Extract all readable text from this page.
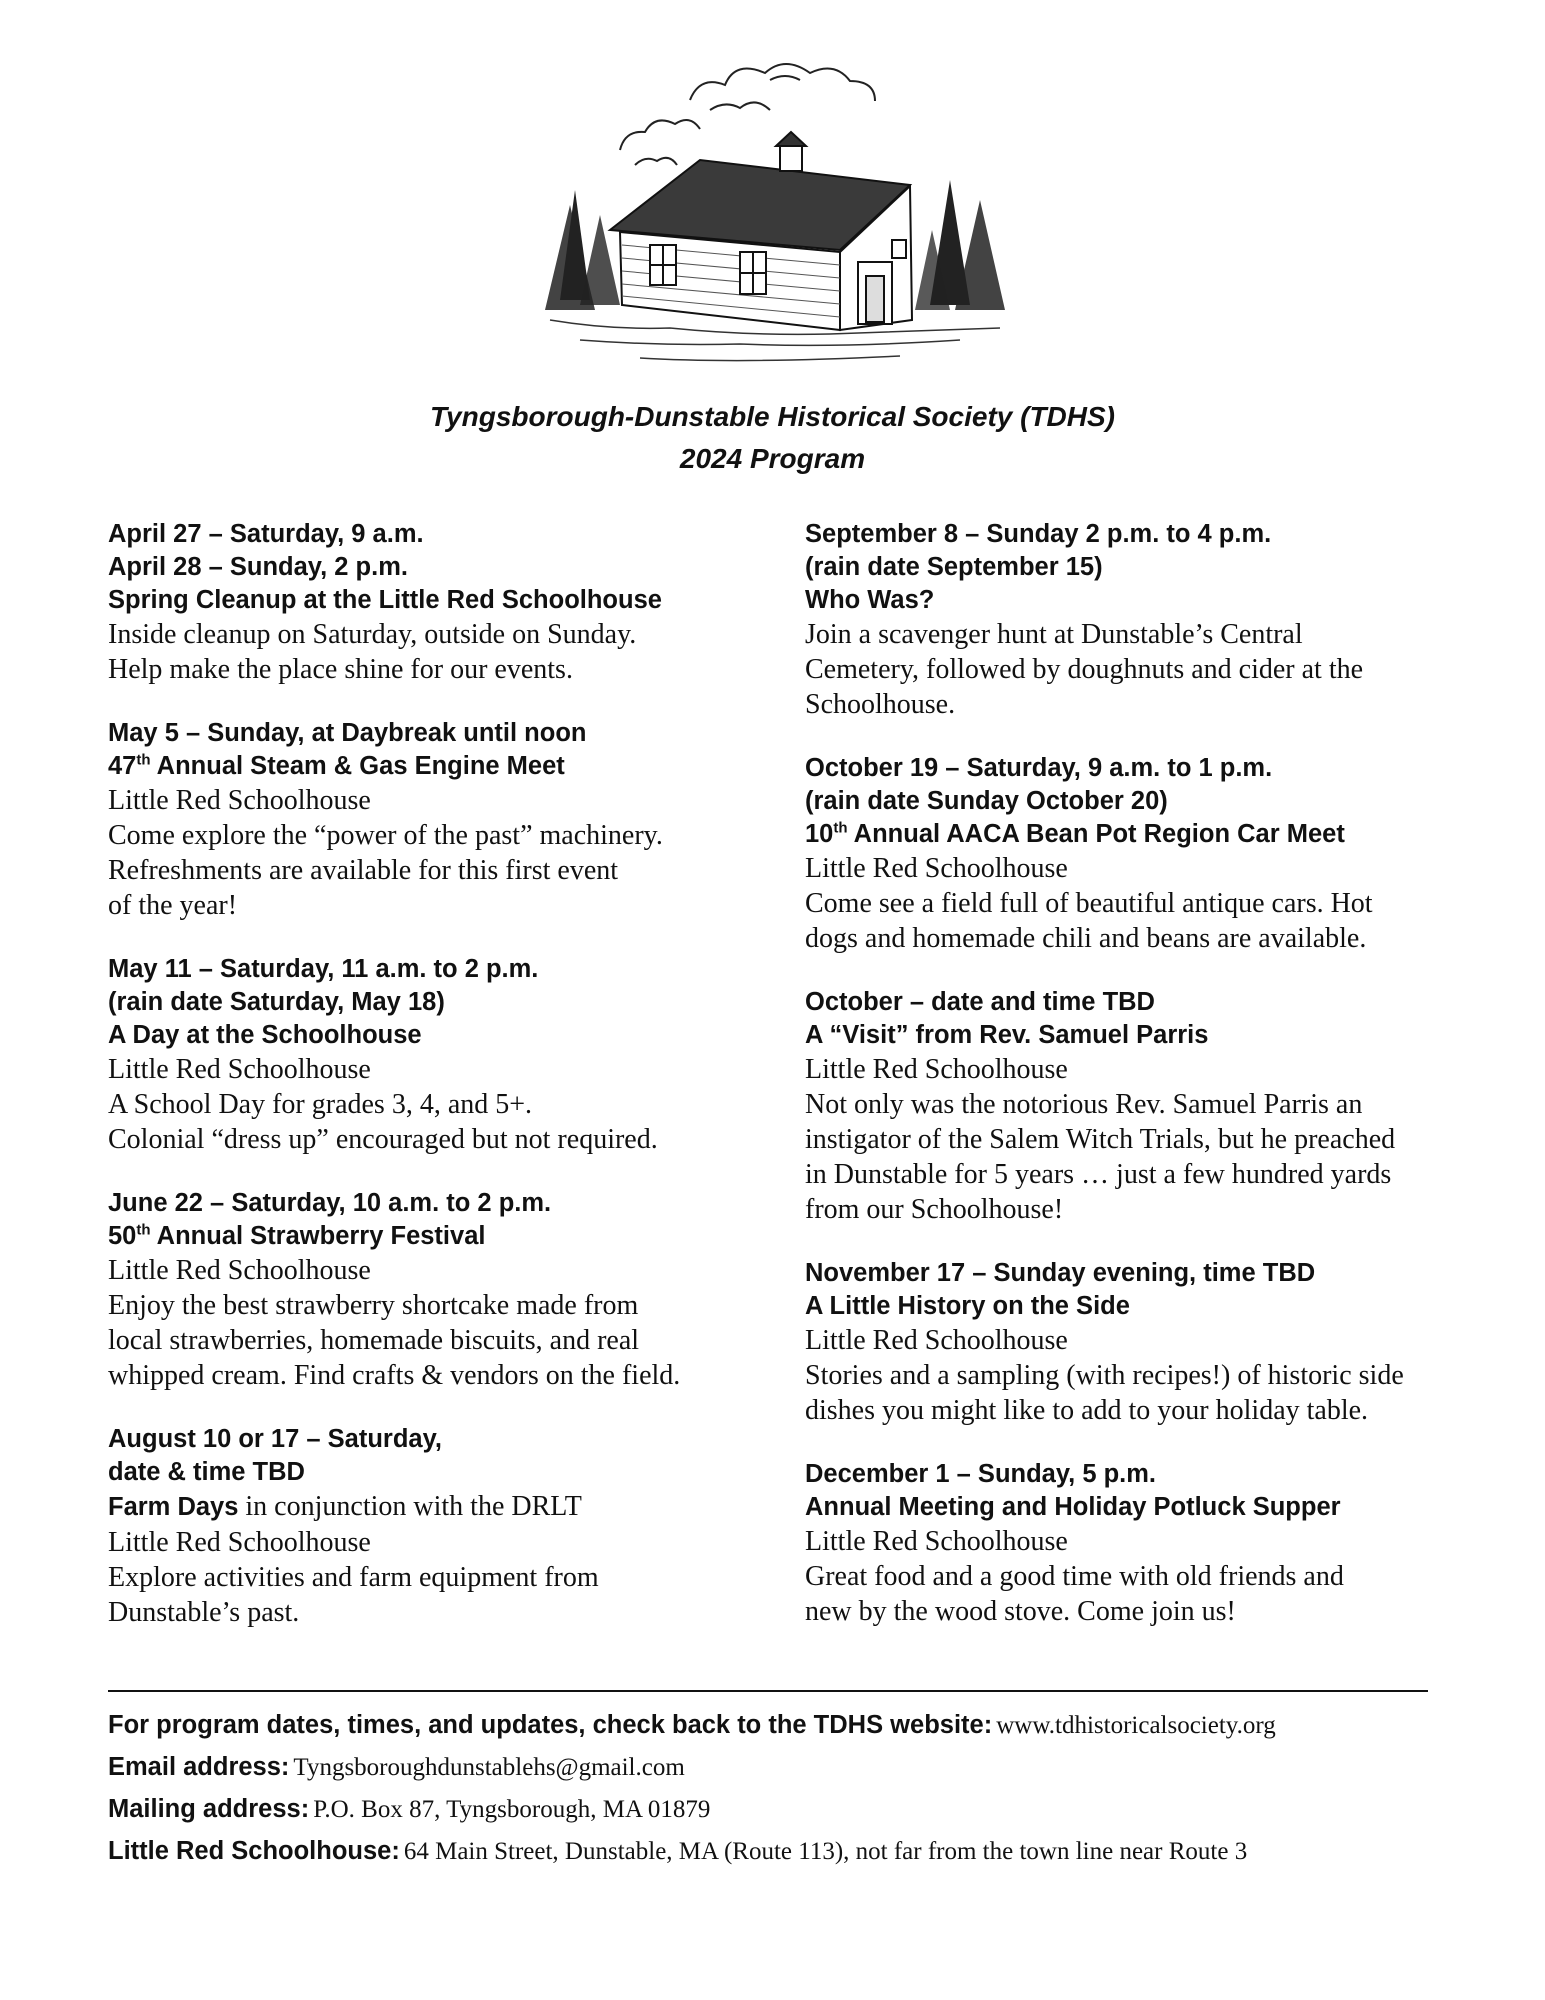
Tyngsborough-Dunstable Historical Society (TDHS)
2024 Program
April 27 – Saturday, 9 a.m.
April 28 – Sunday, 2 p.m.
Spring Cleanup at the Little Red Schoolhouse
Inside cleanup on Saturday, outside on Sunday.
Help make the place shine for our events.
May 5 – Sunday, at Daybreak until noon
47th Annual Steam & Gas Engine Meet
Little Red Schoolhouse
Come explore the “power of the past” machinery.
Refreshments are available for this first event
of the year!
May 11 – Saturday, 11 a.m. to 2 p.m.
(rain date Saturday, May 18)
A Day at the Schoolhouse
Little Red Schoolhouse
A School Day for grades 3, 4, and 5+.
Colonial “dress up” encouraged but not required.
June 22 – Saturday, 10 a.m. to 2 p.m.
50th Annual Strawberry Festival
Little Red Schoolhouse
Enjoy the best strawberry shortcake made from
local strawberries, homemade biscuits, and real
whipped cream. Find crafts & vendors on the field.
August 10 or 17 – Saturday,
date & time TBD
Farm Days in conjunction with the DRLT
Little Red Schoolhouse
Explore activities and farm equipment from
Dunstable’s past.
September 8 – Sunday 2 p.m. to 4 p.m.
(rain date September 15)
Who Was?
Join a scavenger hunt at Dunstable’s Central
Cemetery, followed by doughnuts and cider at the
Schoolhouse.
October 19 – Saturday, 9 a.m. to 1 p.m.
(rain date Sunday October 20)
10th Annual AACA Bean Pot Region Car Meet
Little Red Schoolhouse
Come see a field full of beautiful antique cars. Hot
dogs and homemade chili and beans are available.
October – date and time TBD
A “Visit” from Rev. Samuel Parris
Little Red Schoolhouse
Not only was the notorious Rev. Samuel Parris an
instigator of the Salem Witch Trials, but he preached
in Dunstable for 5 years … just a few hundred yards
from our Schoolhouse!
November 17 – Sunday evening, time TBD
A Little History on the Side
Little Red Schoolhouse
Stories and a sampling (with recipes!) of historic side
dishes you might like to add to your holiday table.
December 1 – Sunday, 5 p.m.
Annual Meeting and Holiday Potluck Supper
Little Red Schoolhouse
Great food and a good time with old friends and
new by the wood stove. Come join us!
For program dates, times, and updates, check back to the TDHS website: www.tdhistoricalsociety.org
Email address: Tyngsboroughdunstablehs@gmail.com
Mailing address: P.O. Box 87, Tyngsborough, MA 01879
Little Red Schoolhouse: 64 Main Street, Dunstable, MA (Route 113), not far from the town line near Route 3
